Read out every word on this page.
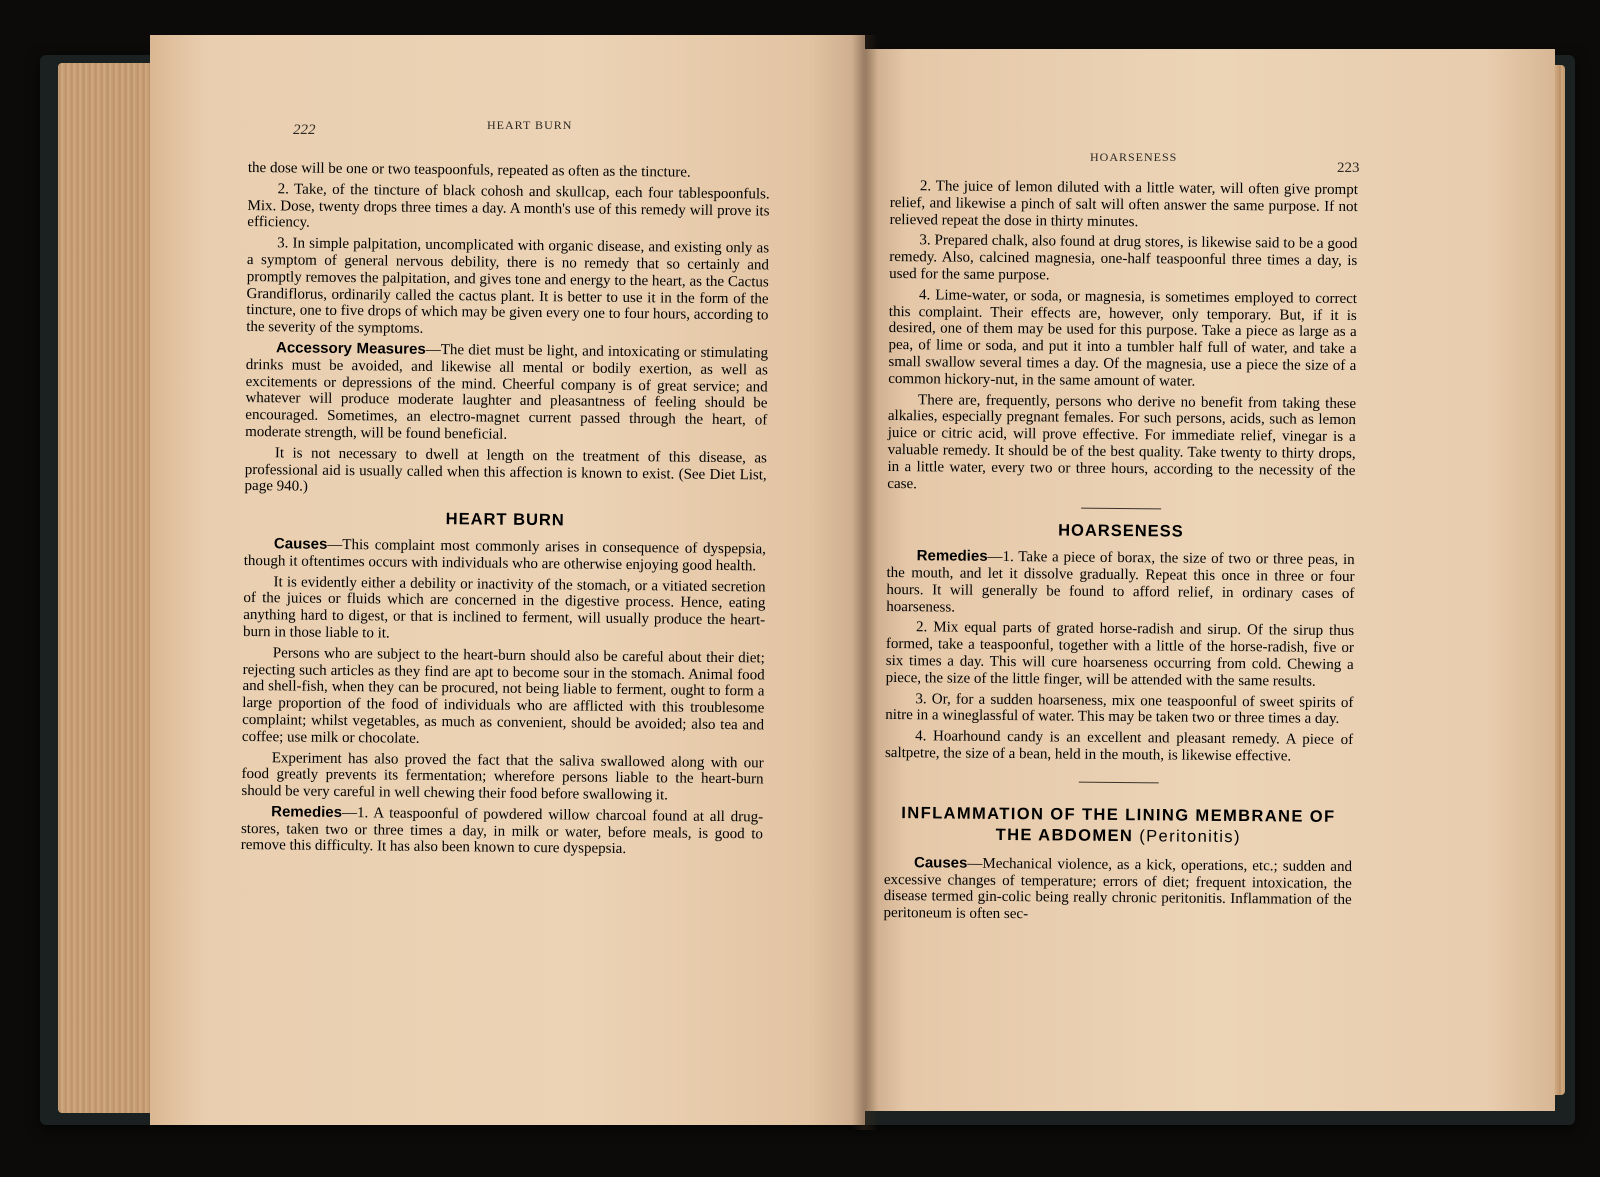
222	HEART BURN

the dose will be one or two teaspoonfuls, repeated as often as the tincture.

2. Take, of the tincture of black cohosh and skullcap, each four tablespoonfuls. Mix. Dose, twenty drops three times a day. A month's use of this remedy will prove its efficiency.

3. In simple palpitation, uncomplicated with organic disease, and existing only as a symptom of general nervous debility, there is no remedy that so certainly and promptly removes the palpitation, and gives tone and energy to the heart, as the Cactus Grandiflorus, ordinarily called the cactus plant. It is better to use it in the form of the tincture, one to five drops of which may be given every one to four hours, according to the severity of the symptoms.

Accessory Measures—The diet must be light, and intoxicating or stimulating drinks must be avoided, and likewise all mental or bodily exertion, as well as excitements or depressions of the mind. Cheerful company is of great service; and whatever will produce moderate laughter and pleasantness of feeling should be encouraged. Sometimes, an electro-magnet current passed through the heart, of moderate strength, will be found beneficial.

It is not necessary to dwell at length on the treatment of this disease, as professional aid is usually called when this affection is known to exist. (See Diet List, page 940.)

HEART BURN

Causes—This complaint most commonly arises in consequence of dyspepsia, though it oftentimes occurs with individuals who are otherwise enjoying good health.

It is evidently either a debility or inactivity of the stomach, or a vitiated secretion of the juices or fluids which are concerned in the digestive process. Hence, eating anything hard to digest, or that is inclined to ferment, will usually produce the heart-burn in those liable to it.

Persons who are subject to the heart-burn should also be careful about their diet; rejecting such articles as they find are apt to become sour in the stomach. Animal food and shell-fish, when they can be procured, not being liable to ferment, ought to form a large proportion of the food of individuals who are afflicted with this troublesome complaint; whilst vegetables, as much as convenient, should be avoided; also tea and coffee; use milk or chocolate.

Experiment has also proved the fact that the saliva swallowed along with our food greatly prevents its fermentation; wherefore persons liable to the heart-burn should be very careful in well chewing their food before swallowing it.

Remedies—1. A teaspoonful of powdered willow charcoal found at all drug-stores, taken two or three times a day, in milk or water, before meals, is good to remove this difficulty. It has also been known to cure dyspepsia.

HOARSENESS
223

2. The juice of lemon diluted with a little water, will often give prompt relief, and likewise a pinch of salt will often answer the same purpose. If not relieved repeat the dose in thirty minutes.

3. Prepared chalk, also found at drug stores, is likewise said to be a good remedy. Also, calcined magnesia, one-half teaspoonful three times a day, is used for the same purpose.

4. Lime-water, or soda, or magnesia, is sometimes employed to correct this complaint. Their effects are, however, only temporary. But, if it is desired, one of them may be used for this purpose. Take a piece as large as a pea, of lime or soda, and put it into a tumbler half full of water, and take a small swallow several times a day. Of the magnesia, use a piece the size of a common hickory-nut, in the same amount of water.

There are, frequently, persons who derive no benefit from taking these alkalies, especially pregnant females. For such persons, acids, such as lemon juice or citric acid, will prove effective. For immediate relief, vinegar is a valuable remedy. It should be of the best quality. Take twenty to thirty drops, in a little water, every two or three hours, according to the necessity of the case.

HOARSENESS

Remedies—1. Take a piece of borax, the size of two or three peas, in the mouth, and let it dissolve gradually. Repeat this once in three or four hours. It will generally be found to afford relief, in ordinary cases of hoarseness.

2. Mix equal parts of grated horse-radish and sirup. Of the sirup thus formed, take a teaspoonful, together with a little of the horse-radish, five or six times a day. This will cure hoarseness occurring from cold. Chewing a piece, the size of the little finger, will be attended with the same results.

3. Or, for a sudden hoarseness, mix one teaspoonful of sweet spirits of nitre in a wineglassful of water. This may be taken two or three times a day.

4. Hoarhound candy is an excellent and pleasant remedy. A piece of saltpetre, the size of a bean, held in the mouth, is likewise effective.

INFLAMMATION OF THE LINING MEMBRANE OF
THE ABDOMEN (Peritonitis)

Causes—Mechanical violence, as a kick, operations, etc.; sudden and excessive changes of temperature; errors of diet; frequent intoxication, the disease termed gin-colic being really chronic peritonitis. Inflammation of the peritoneum is often sec-
